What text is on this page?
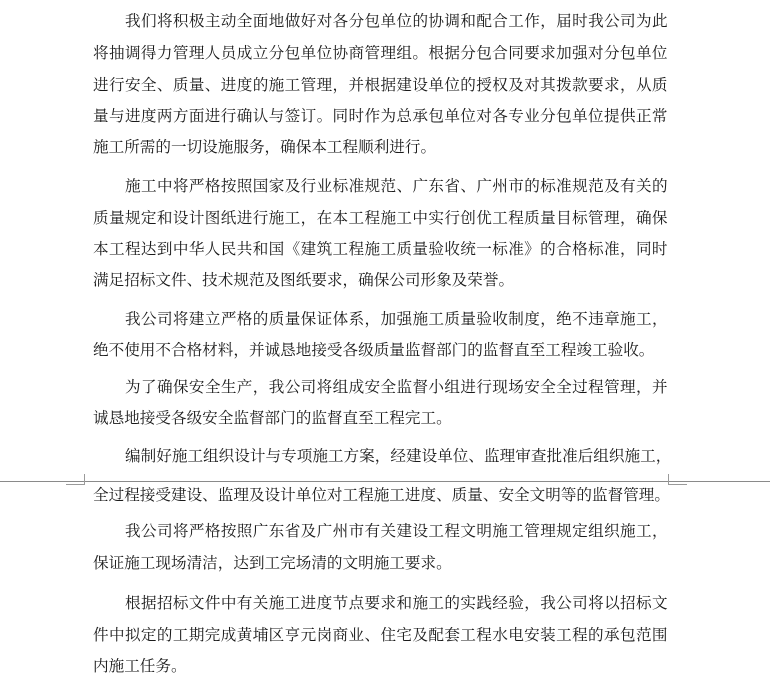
我 们 将 积 极 主 动 全 面 地 做 好 对 各 分 包 单 位 的 协 调 和 配 合 工 作 ， 届 时 我 公 司 为 此
将 抽 调 得 力 管 理 人 员 成 立 分 包 单 位 协 商 管 理 组 。 根 据 分 包 合 同 要 求 加 强 对 分 包 单 位
进 行 安 全 、 质 量 、 进 度 的 施 工 管 理 ， 并 根 据 建 设 单 位 的 授 权 及 对 其 拨 款 要 求 ， 从 质
量 与 进 度 两 方 面 进 行 确 认 与 签 订 。 同 时 作 为 总 承 包 单 位 对 各 专 业 分 包 单 位 提 供 正 常
施工所需的一切设施服务，确保本工程顺利进行。
施 工 中 将 严 格 按 照 国 家 及 行 业 标 准 规 范 、 广 东 省 、 广 州 市 的 标 准 规 范 及 有 关 的
质 量 规 定 和 设 计 图 纸 进 行 施 工 ， 在 本 工 程 施 工 中 实 行 创 优 工 程 质 量 目 标 管 理 ， 确 保
本 工 程 达 到 中 华 人 民 共 和 国 《 建 筑 工 程 施 工 质 量 验 收 统 一 标 准 》 的 合 格 标 准 ， 同 时
满足招标文件、技术规范及图纸要求，确保公司形象及荣誉。
我 公 司 将 建 立 严 格 的 质 量 保 证 体 系 ， 加 强 施 工 质 量 验 收 制 度 ， 绝 不 违 章 施 工 ，
绝不使用不合格材料，并诚恳地接受各级质量监督部门的监督直至工程竣工验收。
为 了 确 保 安 全 生 产 ， 我 公 司 将 组 成 安 全 监 督 小 组 进 行 现 场 安 全 全 过 程 管 理 ， 并
诚恳地接受各级安全监督部门的监督直至工程完工。
编 制 好 施 工 组 织 设 计 与 专 项 施 工 方 案 ， 经 建 设 单 位 、 监 理 审 查 批 准 后 组 织 施 工 ，
全过程接受建设、监理及设计单位对工程施工进度、质量、安全文明等的监督管理。
我 公 司 将 严 格 按 照 广 东 省 及 广 州 市 有 关 建 设 工 程 文 明 施 工 管 理 规 定 组 织 施 工 ，
保证施工现场清洁，达到工完场清的文明施工要求。
根 据 招 标 文 件 中 有 关 施 工 进 度 节 点 要 求 和 施 工 的 实 践 经 验 ， 我 公 司 将 以 招 标 文
件 中 拟 定 的 工 期 完 成 黄 埔 区 亨 元 岗 商 业 、 住 宅 及 配 套 工 程 水 电 安 装 工 程 的 承 包 范 围
内施工任务。
